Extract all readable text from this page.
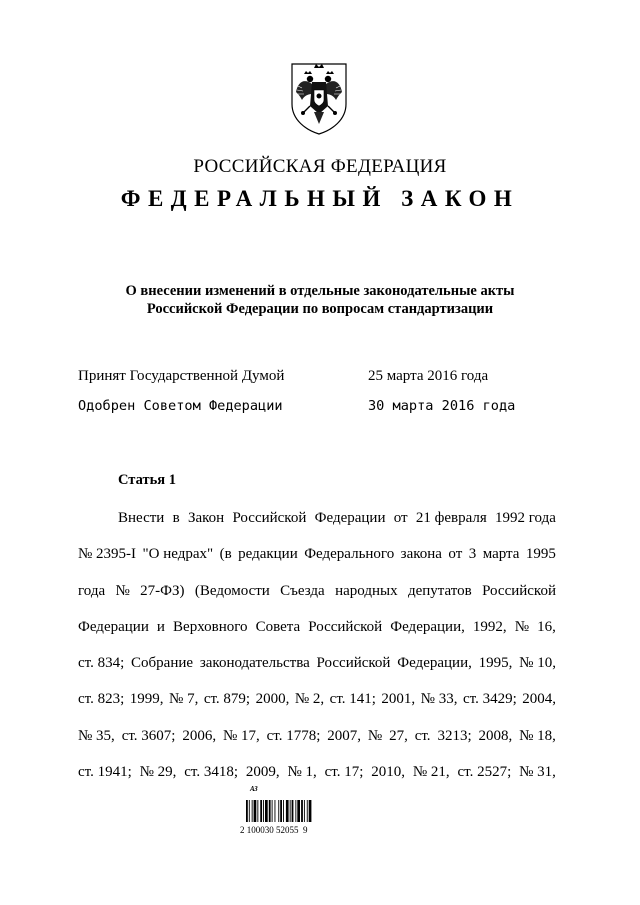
РОССИЙСКАЯ ФЕДЕРАЦИЯ
ФЕДЕРАЛЬНЫЙ ЗАКОН
О внесении изменений в отдельные законодательные акты
Российской Федерации по вопросам стандартизации
Принят Государственной Думой	25 марта 2016 года
Одобрен Советом Федерации	30 марта 2016 года
Статья 1
Внести в Закон Российской Федерации от 21 февраля 1992 года
№ 2395-I "О недрах" (в редакции Федерального закона от 3 марта 1995
года № 27-ФЗ) (Ведомости Съезда народных депутатов Российской
Федерации и Верховного Совета Российской Федерации, 1992, № 16,
ст. 834; Собрание законодательства Российской Федерации, 1995, № 10,
ст. 823; 1999, № 7, ст. 879; 2000, № 2, ст. 141; 2001, № 33, ст. 3429; 2004,
№ 35, ст. 3607; 2006, № 17, ст. 1778; 2007, № 27, ст. 3213; 2008, № 18,
ст. 1941; № 29, ст. 3418; 2009, № 1, ст. 17; 2010, № 21, ст. 2527; № 31,
АЗ
2 100030 52055  9
